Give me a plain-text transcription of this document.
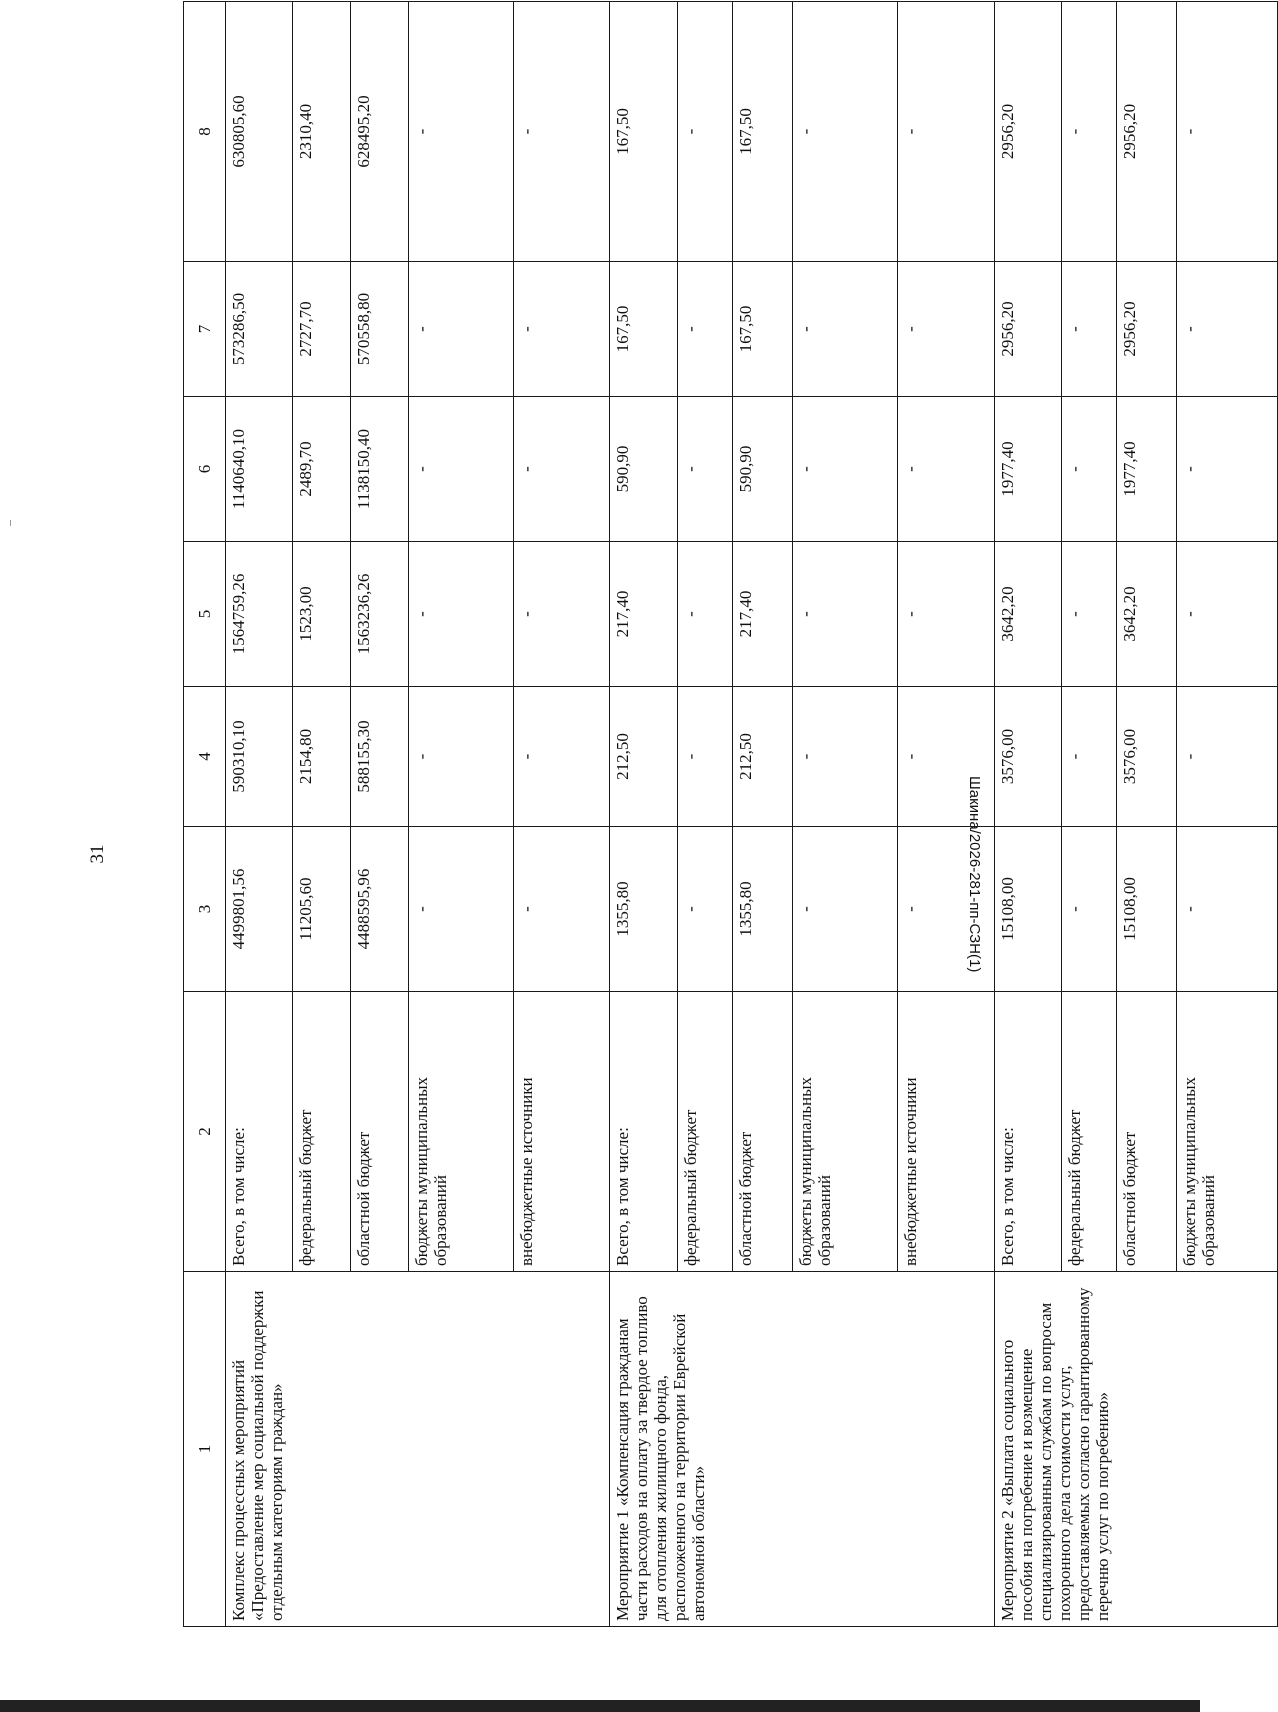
31	Шакина/2026-281-пп-СЗН(1)
1	2	3	4	5	6	7	8
Комплекс процессных мероприятий «Предоставление мер социальной поддержки отдельным категориям граждан»	Всего, в том числе:	4499801,56	590310,10	1564759,26	1140640,10	573286,50	630805,60
	федеральный бюджет	11205,60	2154,80	1523,00	2489,70	2727,70	2310,40
	областной бюджет	4488595,96	588155,30	1563236,26	1138150,40	570558,80	628495,20
	бюджеты муниципальных образований	-	-	-	-	-	-
	внебюджетные источники	-	-	-	-	-	-
Мероприятие 1 «Компенсация гражданам части расходов на оплату за твердое топливо для отопления жилищного фонда, расположенного на территории Еврейской автономной области»	Всего, в том числе:	1355,80	212,50	217,40	590,90	167,50	167,50
	федеральный бюджет	-	-	-	-	-	-
	областной бюджет	1355,80	212,50	217,40	590,90	167,50	167,50
	бюджеты муниципальных образований	-	-	-	-	-	-
	внебюджетные источники	-	-	-	-	-	-
Мероприятие 2 «Выплата социального пособия на погребение и возмещение специализированным службам по вопросам похоронного дела стоимости услуг, предоставляемых согласно гарантированному перечню услуг по погребению»	Всего, в том числе:	15108,00	3576,00	3642,20	1977,40	2956,20	2956,20
	федеральный бюджет	-	-	-	-	-	-
	областной бюджет	15108,00	3576,00	3642,20	1977,40	2956,20	2956,20
	бюджеты муниципальных образований	-	-	-	-	-	-
